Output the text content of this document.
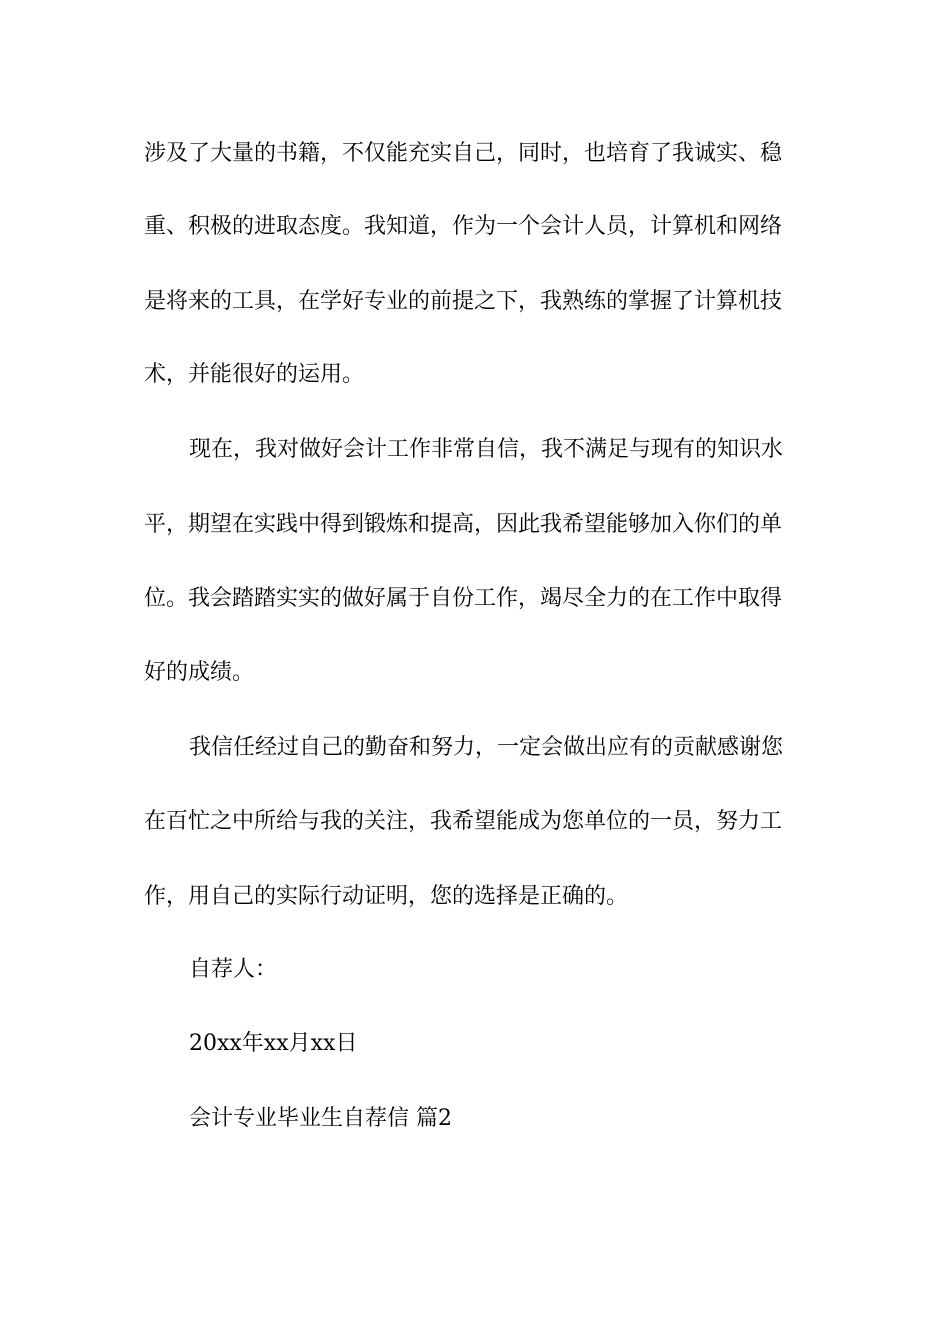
涉及了大量的书籍，不仅能充实自己，同时，也培育了我诚实、稳
重、积极的进取态度。我知道，作为一个会计人员，计算机和网络
是将来的工具，在学好专业的前提之下，我熟练的掌握了计算机技
术，并能很好的运用。
现在，我对做好会计工作非常自信，我不满足与现有的知识水
平，期望在实践中得到锻炼和提高，因此我希望能够加入你们的单
位。我会踏踏实实的做好属于自份工作，竭尽全力的在工作中取得
好的成绩。
我信任经过自己的勤奋和努力，一定会做出应有的贡献感谢您
在百忙之中所给与我的关注，我希望能成为您单位的一员，努力工
作，用自己的实际行动证明，您的选择是正确的。
自荐人：
20xx年xx月xx日
会计专业毕业生自荐信 篇2
